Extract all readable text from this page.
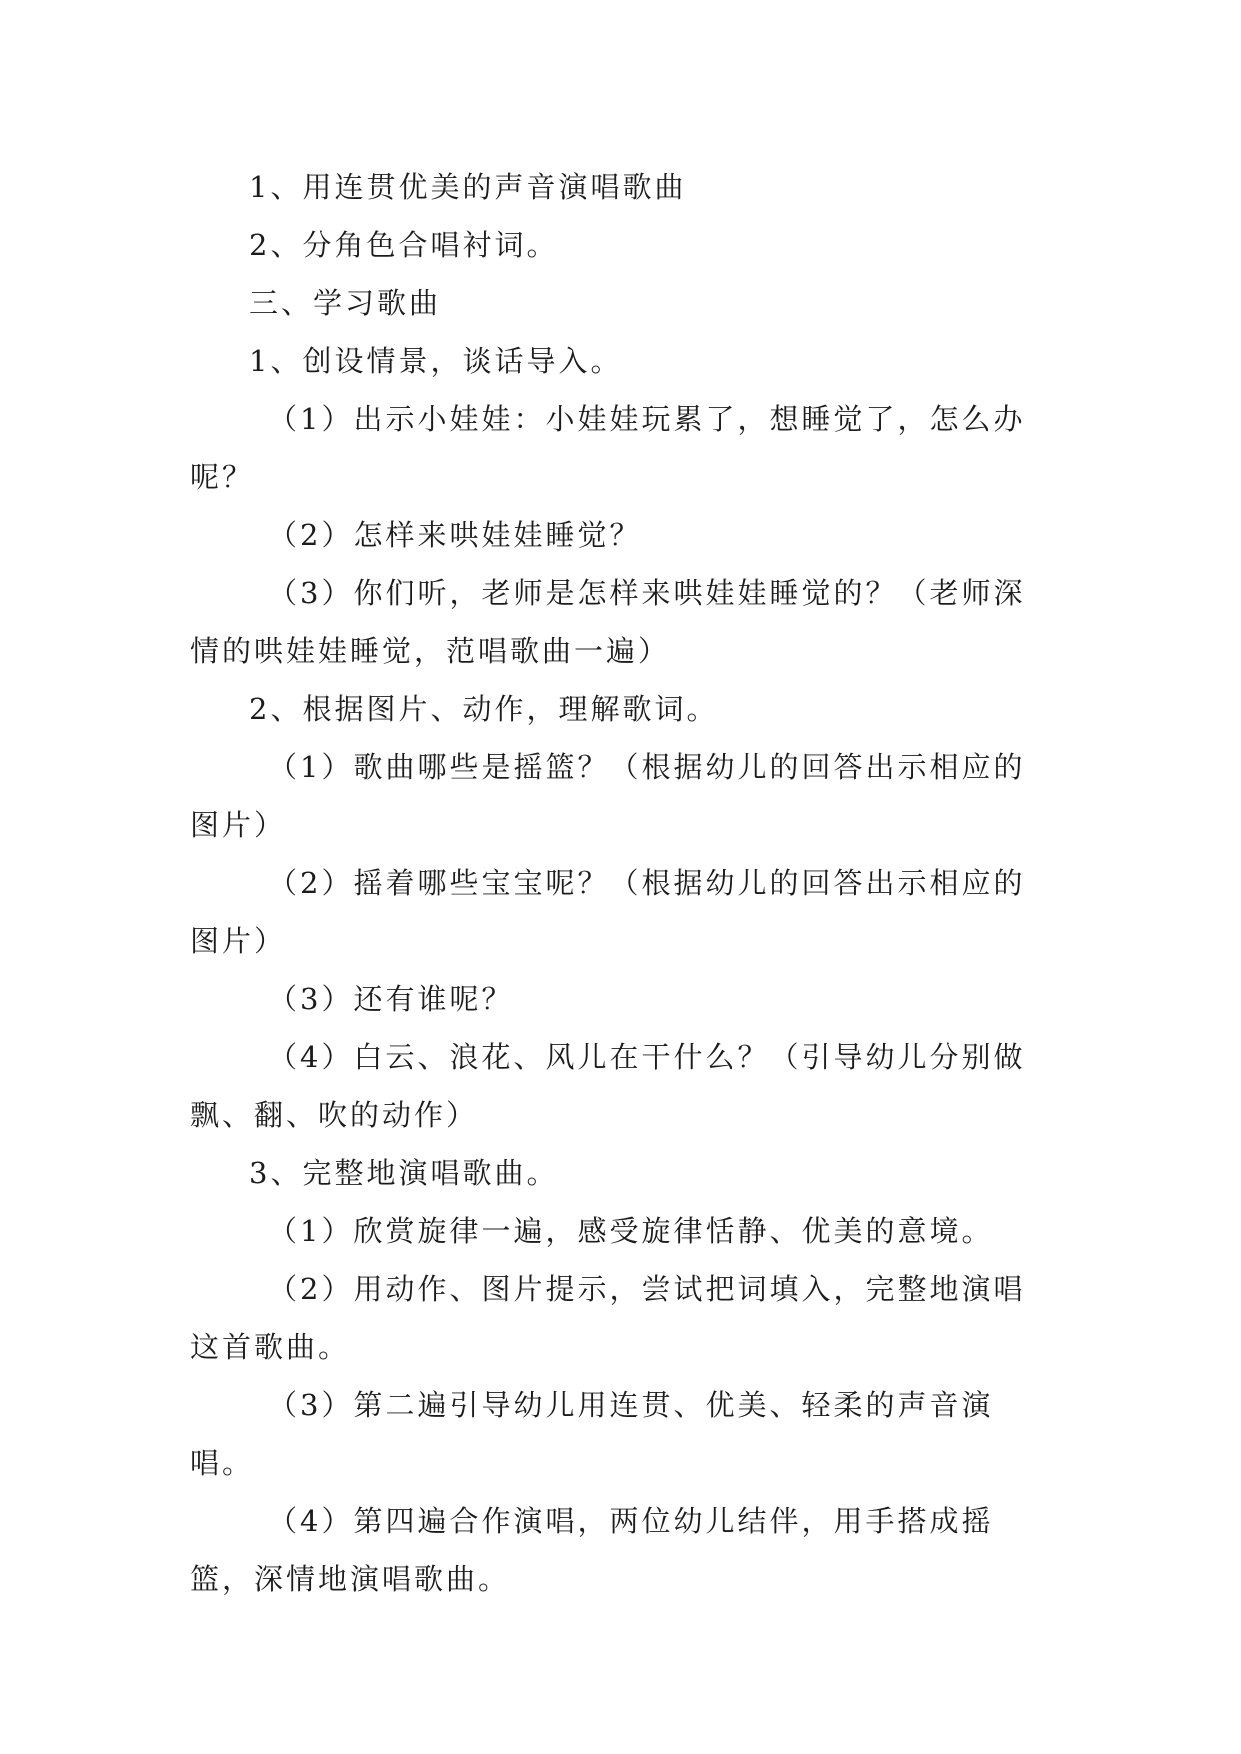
1、用连贯优美的声音演唱歌曲

2、分角色合唱衬词。

三、学习歌曲

1、创设情景，谈话导入。

（1）出示小娃娃：小娃娃玩累了，想睡觉了，怎么办呢？

（2）怎样来哄娃娃睡觉？

（3）你们听，老师是怎样来哄娃娃睡觉的？（老师深情的哄娃娃睡觉，范唱歌曲一遍）

2、根据图片、动作，理解歌词。

（1）歌曲哪些是摇篮？（根据幼儿的回答出示相应的图片）

（2）摇着哪些宝宝呢？（根据幼儿的回答出示相应的图片）

（3）还有谁呢？

（4）白云、浪花、风儿在干什么？（引导幼儿分别做飘、翻、吹的动作）

3、完整地演唱歌曲。

（1）欣赏旋律一遍，感受旋律恬静、优美的意境。

（2）用动作、图片提示，尝试把词填入，完整地演唱这首歌曲。

（3）第二遍引导幼儿用连贯、优美、轻柔的声音演唱。

（4）第四遍合作演唱，两位幼儿结伴，用手搭成摇篮，深情地演唱歌曲。
